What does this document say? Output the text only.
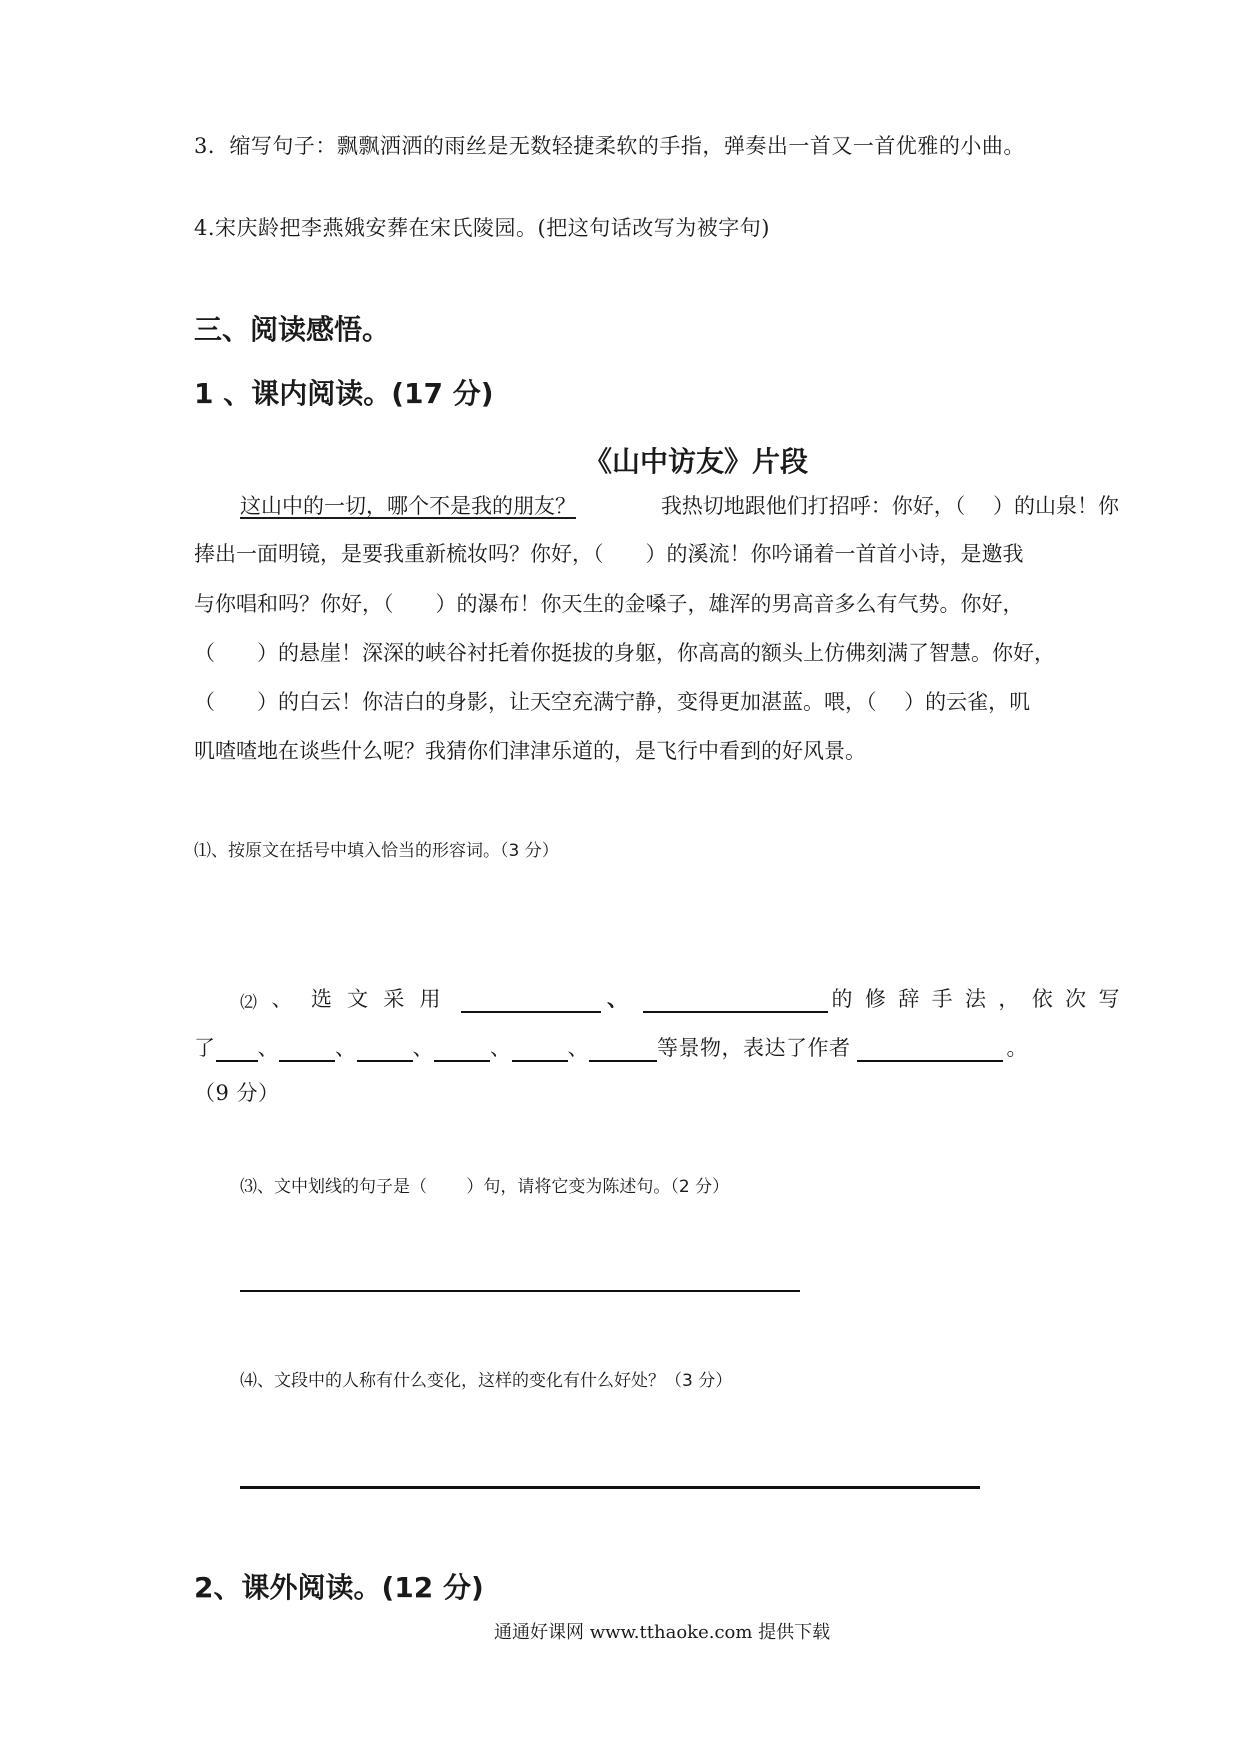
3．缩写句子：飘飘洒洒的雨丝是无数轻捷柔软的手指，弹奏出一首又一首优雅的小曲。
4.宋庆龄把李燕娥安葬在宋氏陵园。(把这句话改写为被字句)
三、阅读感悟。
1 、课内阅读。(17 分)
《山中访友》片段
这山中的一切，哪个不是我的朋友？	我热切地跟他们打招呼：你好，（　 ）的山泉！你
捧出一面明镜，是要我重新梳妆吗？你好，（　　）的溪流！你吟诵着一首首小诗，是邀我
与你唱和吗？你好，（　　）的瀑布！你天生的金嗓子，雄浑的男高音多么有气势。你好，
（　　）的悬崖！深深的峡谷衬托着你挺拔的身躯，你高高的额头上仿佛刻满了智慧。你好，
（　　）的白云！你洁白的身影，让天空充满宁静，变得更加湛蓝。喂，（　 ）的云雀，叽
叽喳喳地在谈些什么呢？我猜你们津津乐道的，是飞行中看到的好风景。
⑴、按原文在括号中填入恰当的形容词。（3 分）
⑵ 、 选 文 采 用	、	的 修 辞 手 法 ， 依 次 写
了 、	、	、	、	、	等景物，表达了作者	。
（9 分）
⑶、文中划线的句子是（　　 ）句，请将它变为陈述句。（2 分）
⑷、文段中的人称有什么变化，这样的变化有什么好处？（3 分）
2、课外阅读。(12 分)
通通好课网 www.tthaoke.com 提供下载
